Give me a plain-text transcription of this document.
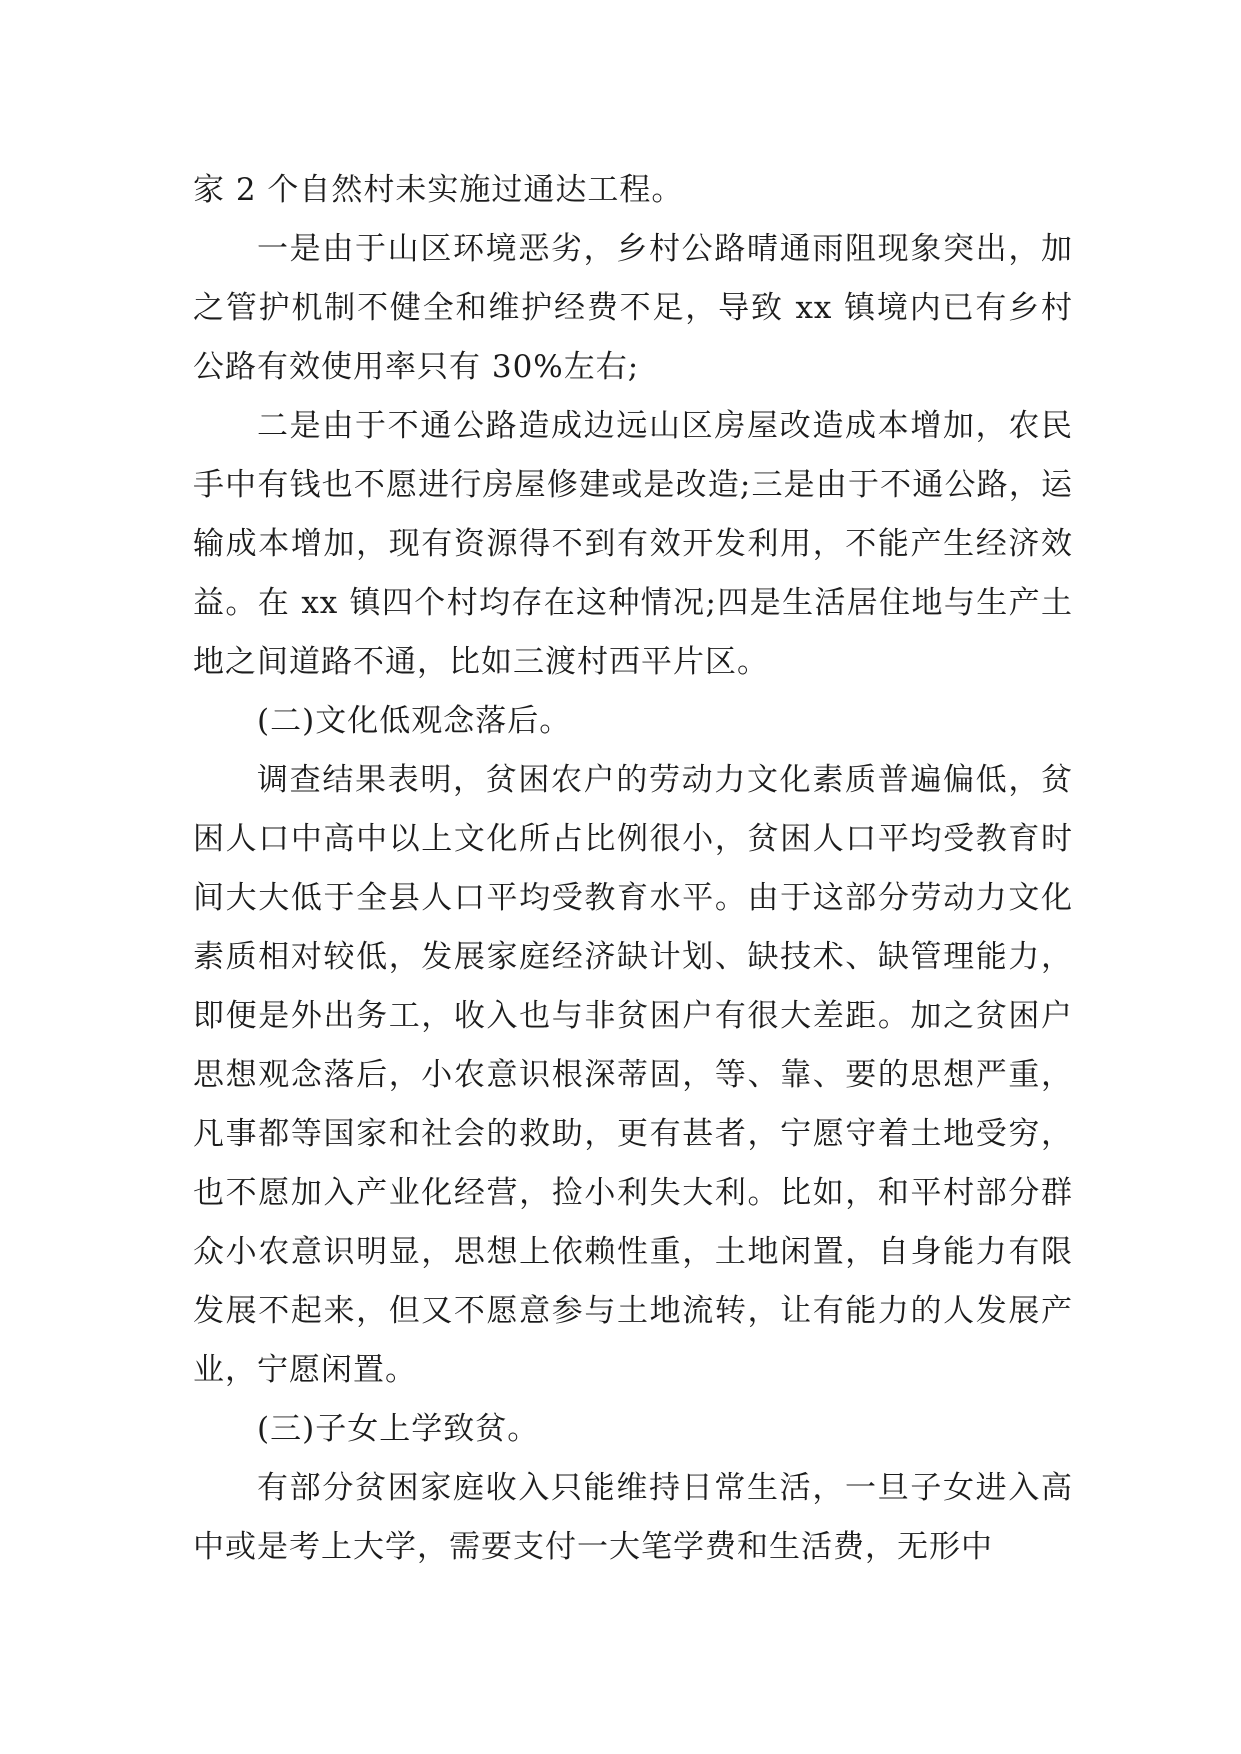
家 2 个自然村未实施过通达工程。

一是由于山区环境恶劣，乡村公路晴通雨阻现象突出，加之管护机制不健全和维护经费不足，导致 xx 镇境内已有乡村公路有效使用率只有 30%左右;

二是由于不通公路造成边远山区房屋改造成本增加，农民手中有钱也不愿进行房屋修建或是改造;三是由于不通公路，运输成本增加，现有资源得不到有效开发利用，不能产生经济效益。在 xx 镇四个村均存在这种情况;四是生活居住地与生产土地之间道路不通，比如三渡村西平片区。

(二)文化低观念落后。

调查结果表明，贫困农户的劳动力文化素质普遍偏低，贫困人口中高中以上文化所占比例很小，贫困人口平均受教育时间大大低于全县人口平均受教育水平。由于这部分劳动力文化素质相对较低，发展家庭经济缺计划、缺技术、缺管理能力，即便是外出务工，收入也与非贫困户有很大差距。加之贫困户思想观念落后，小农意识根深蒂固，等、靠、要的思想严重，凡事都等国家和社会的救助，更有甚者，宁愿守着土地受穷，也不愿加入产业化经营，捡小利失大利。比如，和平村部分群众小农意识明显，思想上依赖性重，土地闲置，自身能力有限发展不起来，但又不愿意参与土地流转，让有能力的人发展产业，宁愿闲置。

(三)子女上学致贫。

有部分贫困家庭收入只能维持日常生活，一旦子女进入高中或是考上大学，需要支付一大笔学费和生活费，无形中
